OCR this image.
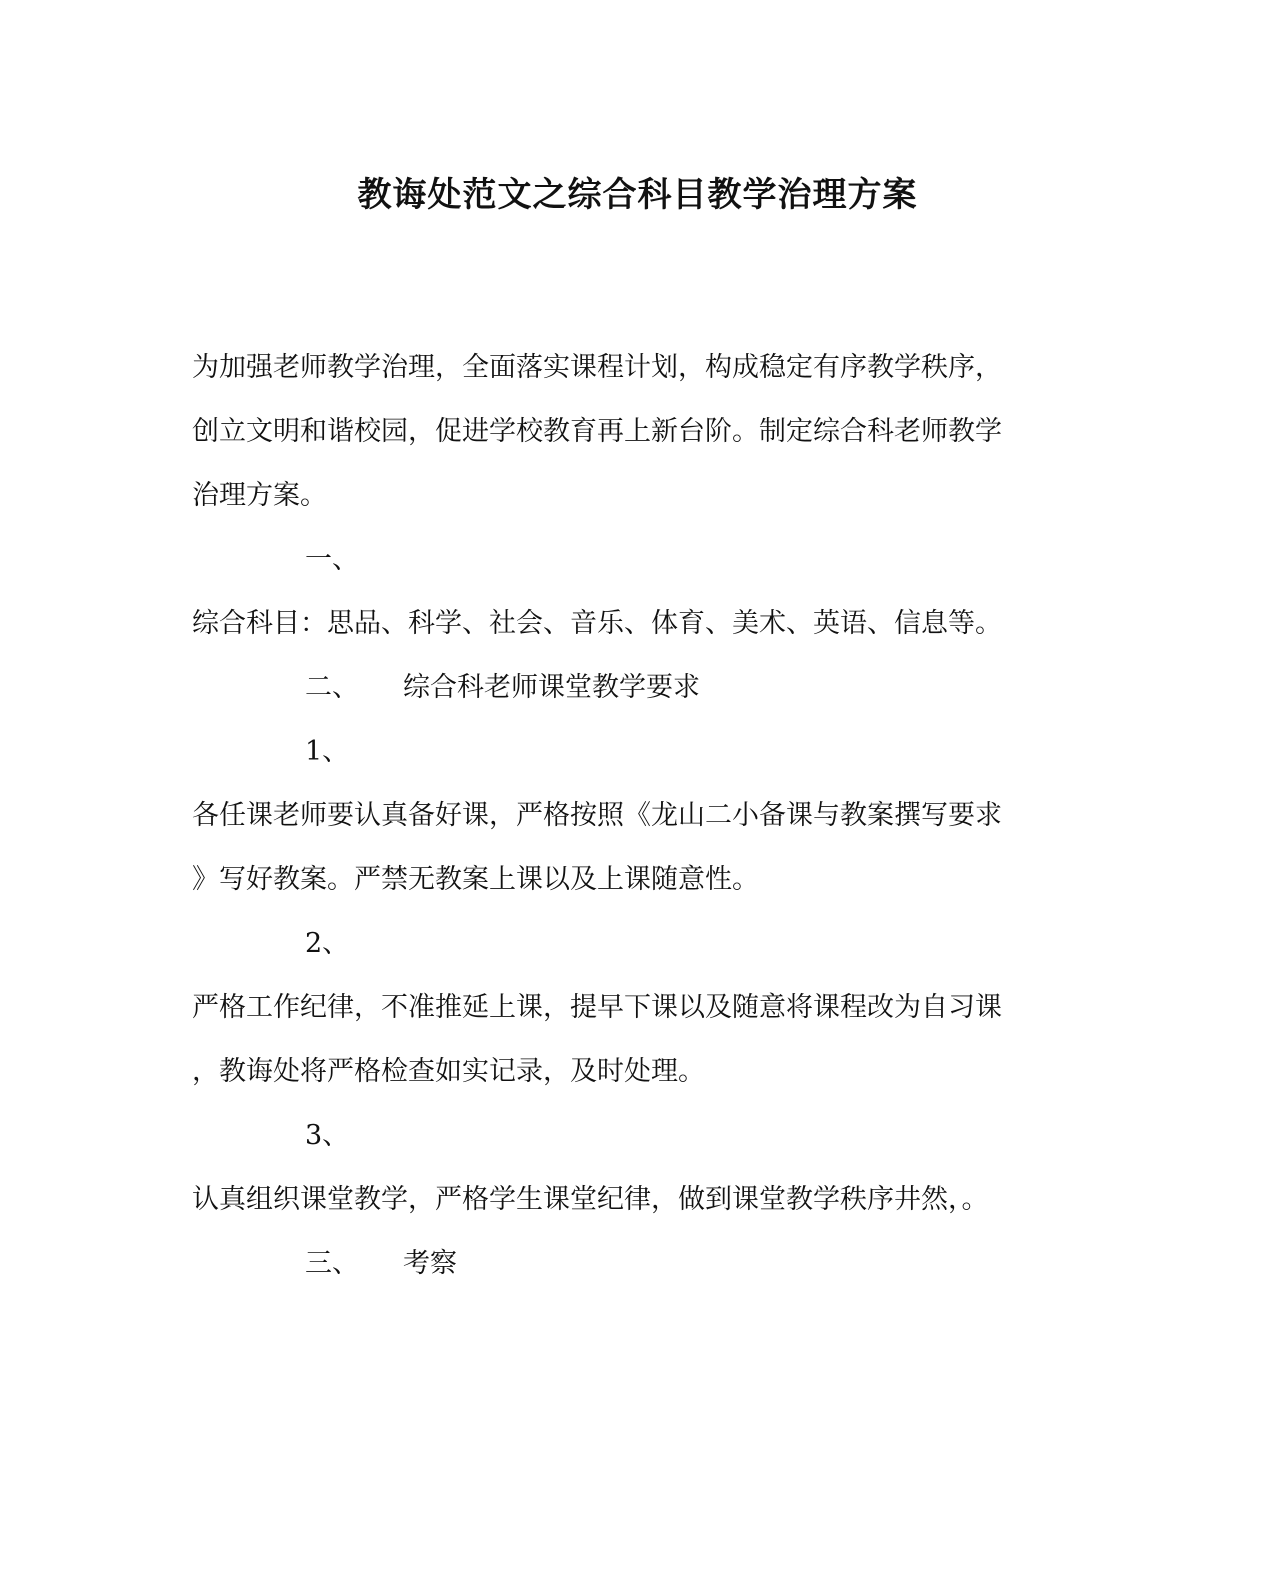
教诲处范文之综合科目教学治理方案
为加强老师教学治理，全面落实课程计划，构成稳定有序教学秩序，
创立文明和谐校园，促进学校教育再上新台阶。制定综合科老师教学
治理方案。
一、
综合科目：思品、科学、社会、音乐、体育、美术、英语、信息等。
二、 综合科老师课堂教学要求
1、
各任课老师要认真备好课，严格按照《龙山二小备课与教案撰写要求
》写好教案。严禁无教案上课以及上课随意性。
2、
严格工作纪律，不准推延上课，提早下课以及随意将课程改为自习课
，教诲处将严格检查如实记录，及时处理。
3、
认真组织课堂教学，严格学生课堂纪律，做到课堂教学秩序井然，。
三、 考察
